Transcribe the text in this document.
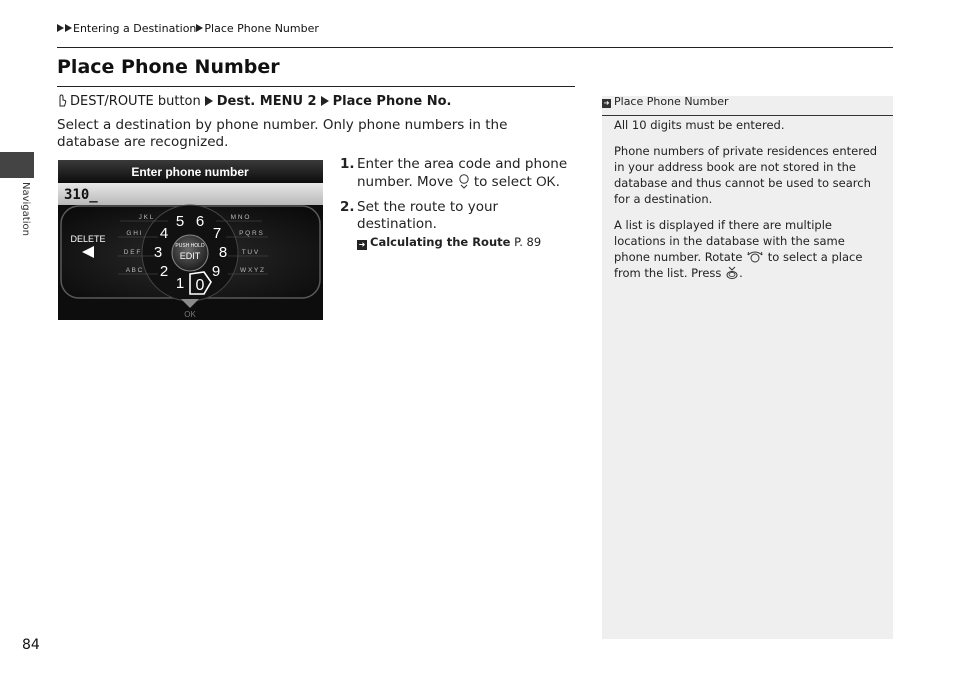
Entering a Destination Place Phone Number
Place Phone Number
DEST/ROUTE button Dest. MENU 2 Place Phone No.
Select a destination by phone number. Only phone numbers in the database are recognized.
Navigation
Enter phone number
310_
DELETE
J K L
G H I
D E F
A B C
M N O
P Q R S
T U V
W X Y Z
1
2
3
4
5 6
7
8
9
0
PUSH HOLD
EDIT
OK
1. Enter the area code and phone number. Move to select OK.
2. Set the route to your destination.
➜ Calculating the Route P. 89
➜ Place Phone Number

All 10 digits must be entered.

Phone numbers of private residences entered in your address book are not stored in the database and thus cannot be used to search for a destination.

A list is displayed if there are multiple locations in the database with the same phone number. Rotate to select a place from the list. Press .

84
